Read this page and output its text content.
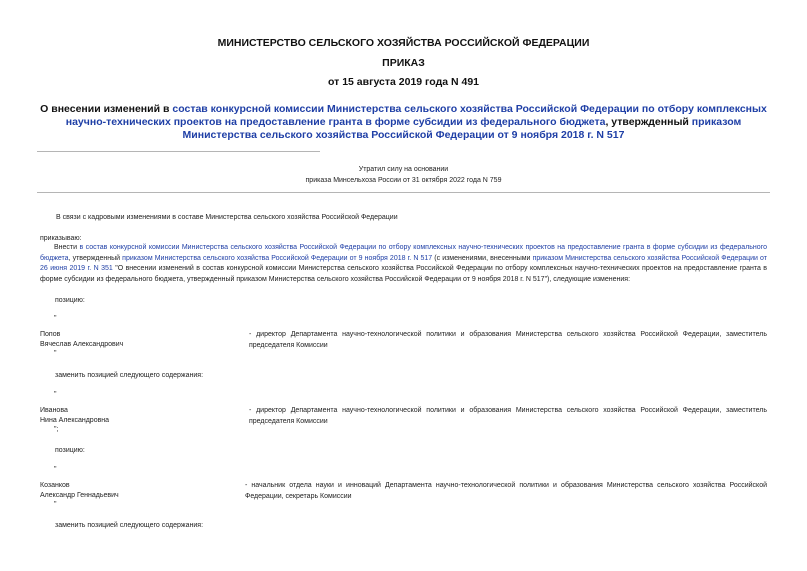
МИНИСТЕРСТВО СЕЛЬСКОГО ХОЗЯЙСТВА РОССИЙСКОЙ ФЕДЕРАЦИИ
ПРИКАЗ
от 15 августа 2019 года N 491
О внесении изменений в состав конкурсной комиссии Министерства сельского хозяйства Российской Федерации по отбору комплексных научно-технических проектов на предоставление гранта в форме субсидии из федерального бюджета, утвержденный приказом Министерства сельского хозяйства Российской Федерации от 9 ноября 2018 г. N 517
Утратил силу на основании
приказа Минсельхоза России от 31 октября 2022 года N 759
В связи с кадровыми изменениями в составе Министерства сельского хозяйства Российской Федерации
приказываю:
Внести в состав конкурсной комиссии Министерства сельского хозяйства Российской Федерации по отбору комплексных научно-технических проектов на предоставление гранта в форме субсидии из федерального бюджета, утвержденный приказом Министерства сельского хозяйства Российской Федерации от 9 ноября 2018 г. N 517 (с изменениями, внесенными приказом Министерства сельского хозяйства Российской Федерации от 26 июня 2019 г. N 351 "О внесении изменений в состав конкурсной комиссии Министерства сельского хозяйства Российской Федерации по отбору комплексных научно-технических проектов на предоставление гранта в форме субсидии из федерального бюджета, утвержденный приказом Министерства сельского хозяйства Российской Федерации от 9 ноября 2018 г. N 517"), следующие изменения:
позицию:
"
Попов
Вячеслав Александрович
- директор Департамента научно-технологической политики и образования Министерства сельского хозяйства Российской Федерации, заместитель председателя Комиссии
"
заменить позицией следующего содержания:
"
Иванова
Нина Александровна
- директор Департамента научно-технологической политики и образования Министерства сельского хозяйства Российской Федерации, заместитель председателя Комиссии
";
позицию:
"
Козанков
Александр Геннадьевич
- начальник отдела науки и инноваций Департамента научно-технологической политики и образования Министерства сельского хозяйства Российской Федерации, секретарь Комиссии
"
заменить позицией следующего содержания:
